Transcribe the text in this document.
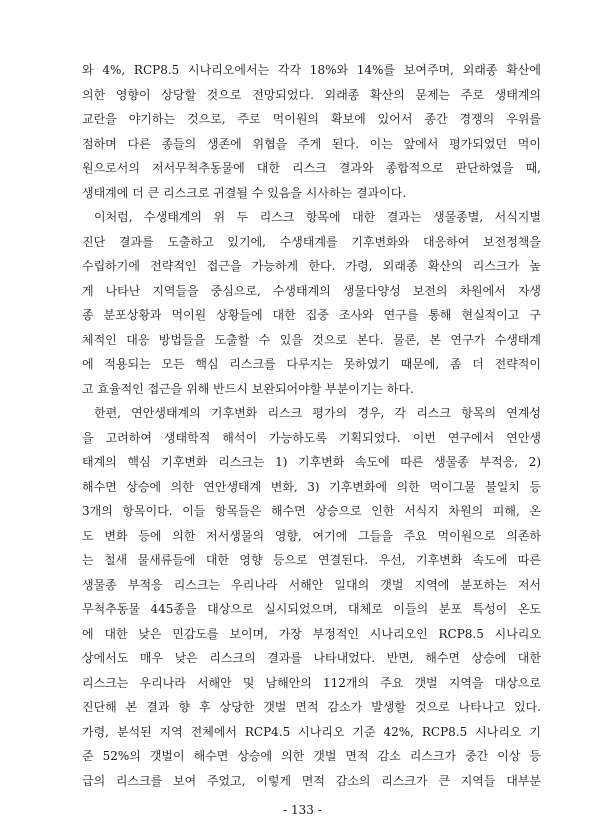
와 4%, RCP8.5 시나리오에서는 각각 18%와 14%를 보여주며, 외래종 확산에
의한 영향이 상당할 것으로 전망되었다. 외래종 확산의 문제는 주로 생태계의
교란을 야기하는 것으로, 주로 먹이원의 확보에 있어서 종간 경쟁의 우위를
점하며 다른 종들의 생존에 위협을 주게 된다. 이는 앞에서 평가되었던 먹이
원으로서의 저서무척추동물에 대한 리스크 결과와 종합적으로 판단하였을 때,
생태계에 더 큰 리스크로 귀결될 수 있음을 시사하는 결과이다.
이처럼, 수생태계의 위 두 리스크 항목에 대한 결과는 생물종별, 서식지별
진단 결과를 도출하고 있기에, 수생태계를 기후변화와 대응하여 보전정책을
수립하기에 전략적인 접근을 가능하게 한다. 가령, 외래종 확산의 리스크가 높
게 나타난 지역들을 중심으로, 수생태계의 생물다양성 보전의 차원에서 자생
종 분포상황과 먹이원 상황들에 대한 집중 조사와 연구를 통해 현실적이고 구
체적인 대응 방법들을 도출할 수 있을 것으로 본다. 물론, 본 연구가 수생태계
에 적용되는 모든 핵심 리스크를 다루지는 못하였기 때문에, 좀 더 전략적이
고 효율적인 접근을 위해 반드시 보완되어야할 부분이기는 하다.
한편, 연안생태계의 기후변화 리스크 평가의 경우, 각 리스크 항목의 연계성
을 고려하여 생태학적 해석이 가능하도록 기획되었다. 이번 연구에서 연안생
태계의 핵심 기후변화 리스크는 1) 기후변화 속도에 따른 생물종 부적응, 2)
해수면 상승에 의한 연안생태계 변화, 3) 기후변화에 의한 먹이그물 불일치 등
3개의 항목이다. 이들 항목들은 해수면 상승으로 인한 서식지 차원의 피해, 온
도 변화 등에 의한 저서생물의 영향, 여기에 그들을 주요 먹이원으로 의존하
는 철새 물새류들에 대한 영향 등으로 연결된다. 우선, 기후변화 속도에 따른
생물종 부적응 리스크는 우리나라 서해안 일대의 갯벌 지역에 분포하는 저서
무척추동물 445종을 대상으로 실시되었으며, 대체로 이들의 분포 특성이 온도
에 대한 낮은 민감도를 보이며, 가장 부정적인 시나리오인 RCP8.5 시나리오
상에서도 매우 낮은 리스크의 결과를 나타내었다. 반면, 해수면 상승에 대한
리스크는 우리나라 서해안 및 남해안의 112개의 주요 갯벌 지역을 대상으로
진단해 본 결과 향 후 상당한 갯벌 면적 감소가 발생할 것으로 나타나고 있다.
가령, 분석된 지역 전체에서 RCP4.5 시나리오 기준 42%, RCP8.5 시나리오 기
준 52%의 갯벌이 해수면 상승에 의한 갯벌 면적 감소 리스크가 중간 이상 등
급의 리스크를 보여 주었고, 이렇게 면적 감소의 리스크가 큰 지역들 대부분
- 133 -
